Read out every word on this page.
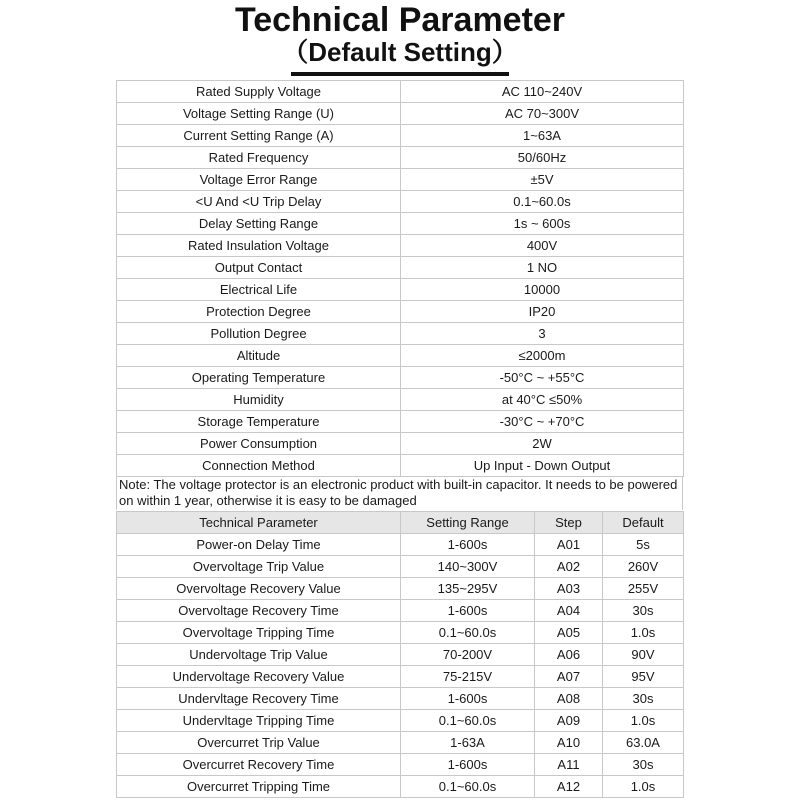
Technical Parameter
（Default Setting）
Rated Supply Voltage	AC 110~240V
Voltage Setting Range (U)	AC 70~300V
Current Setting Range (A)	1~63A
Rated Frequency	50/60Hz
Voltage Error Range	±5V
<U And <U Trip Delay	0.1~60.0s
Delay Setting Range	1s ~ 600s
Rated Insulation Voltage	400V
Output Contact	1 NO
Electrical Life	10000
Protection Degree	IP20
Pollution Degree	3
Altitude	≤2000m
Operating Temperature	-50°C ~ +55°C
Humidity	at 40°C ≤50%
Storage Temperature	-30°C ~ +70°C
Power Consumption	2W
Connection Method	Up Input - Down Output
Note: The voltage protector is an electronic product with built-in capacitor. It needs to be powered on within 1 year, otherwise it is easy to be damaged
Technical Parameter	Setting Range	Step	Default
Power-on Delay Time	1-600s	A01	5s
Overvoltage Trip Value	140~300V	A02	260V
Overvoltage Recovery Value	135~295V	A03	255V
Overvoltage Recovery Time	1-600s	A04	30s
Overvoltage Tripping Time	0.1~60.0s	A05	1.0s
Undervoltage Trip Value	70-200V	A06	90V
Undervoltage Recovery Value	75-215V	A07	95V
Undervltage Recovery Time	1-600s	A08	30s
Undervltage Tripping Time	0.1~60.0s	A09	1.0s
Overcurret Trip Value	1-63A	A10	63.0A
Overcurret Recovery Time	1-600s	A11	30s
Overcurret Tripping Time	0.1~60.0s	A12	1.0s
